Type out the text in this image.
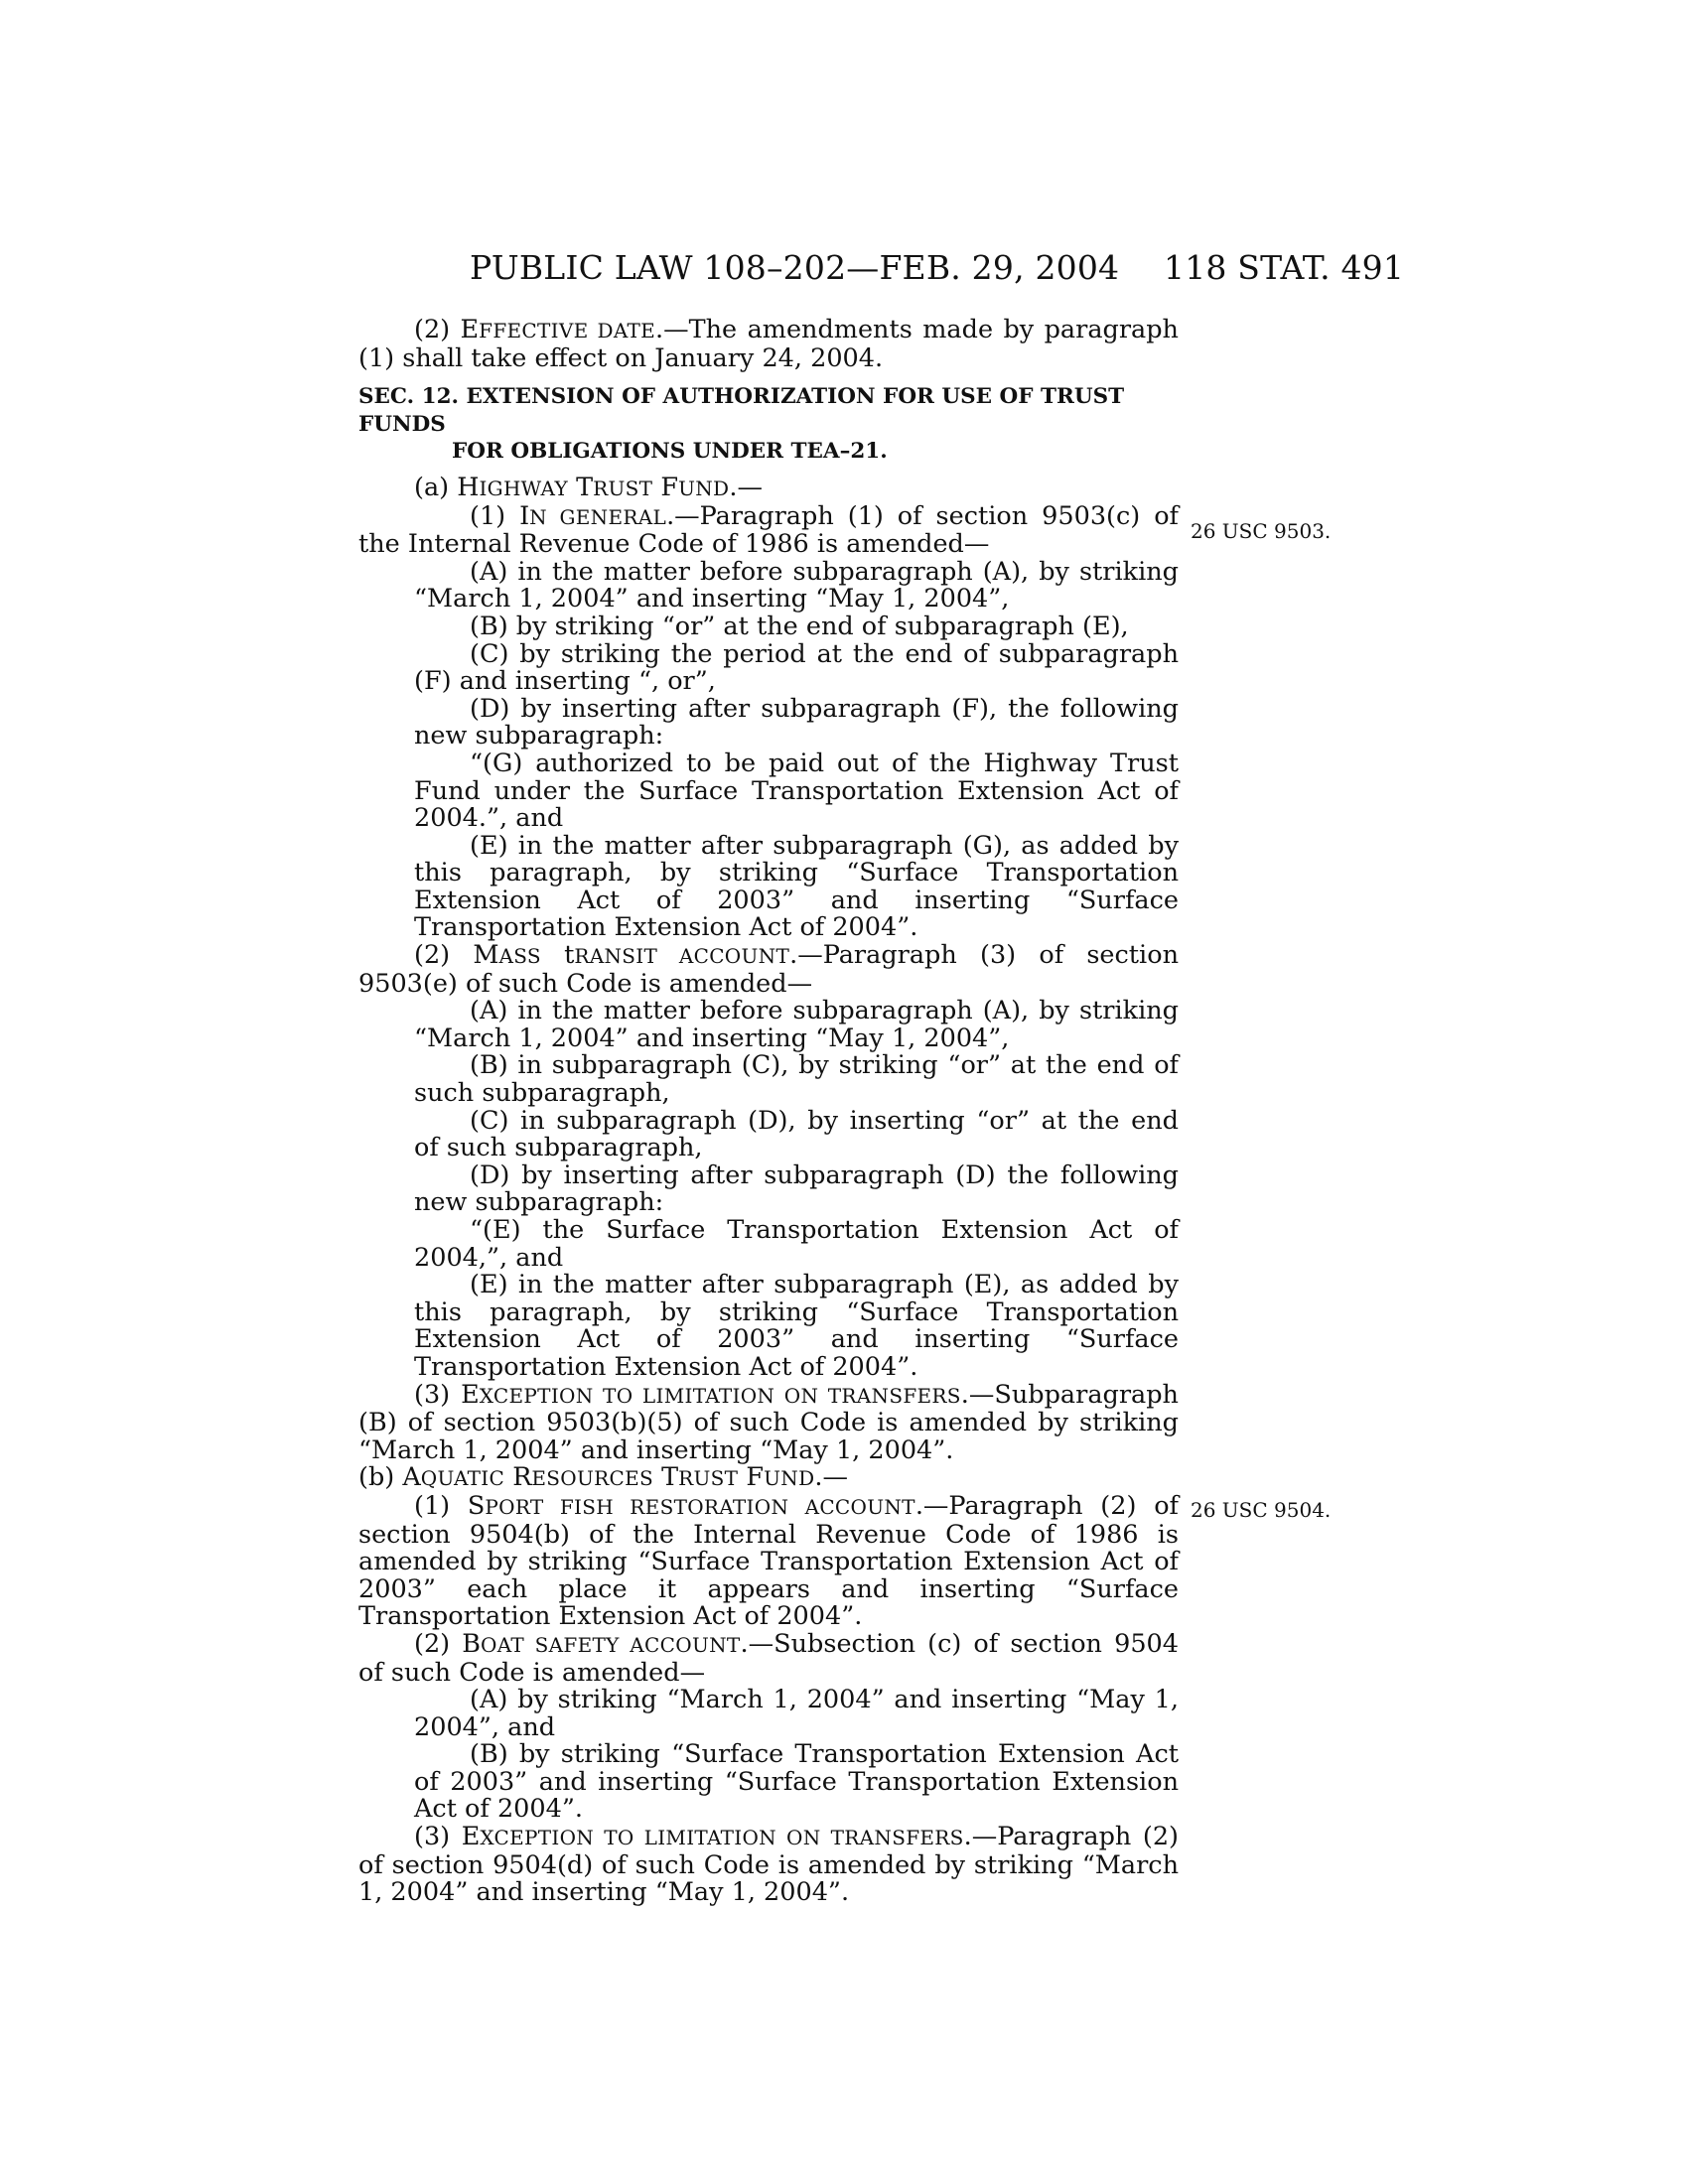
PUBLIC LAW 108–202—FEB. 29, 2004 118 STAT. 491
26 USC 9503.
26 USC 9504.

(2) EFFECTIVE DATE.—The amendments made by paragraph (1) shall take effect on January 24, 2004.

SEC. 12. EXTENSION OF AUTHORIZATION FOR USE OF TRUST FUNDS
FOR OBLIGATIONS UNDER TEA–21.

(a) HIGHWAY TRUST FUND.—

(1) IN GENERAL.—Paragraph (1) of section 9503(c) of the Internal Revenue Code of 1986 is amended—

(A) in the matter before subparagraph (A), by striking “March 1, 2004” and inserting “May 1, 2004”,

(B) by striking “or” at the end of subparagraph (E),

(C) by striking the period at the end of subparagraph (F) and inserting “, or”,

(D) by inserting after subparagraph (F), the following new subparagraph:

“(G) authorized to be paid out of the Highway Trust Fund under the Surface Transportation Extension Act of 2004.”, and

(E) in the matter after subparagraph (G), as added by this paragraph, by striking “Surface Transportation Extension Act of 2003” and inserting “Surface Transportation Extension Act of 2004”.

(2) MASS tRANSIT ACCOUNT.—Paragraph (3) of section 9503(e) of such Code is amended—

(A) in the matter before subparagraph (A), by striking “March 1, 2004” and inserting “May 1, 2004”,

(B) in subparagraph (C), by striking “or” at the end of such subparagraph,

(C) in subparagraph (D), by inserting “or” at the end of such subparagraph,

(D) by inserting after subparagraph (D) the following new subparagraph:

“(E) the Surface Transportation Extension Act of 2004,”, and

(E) in the matter after subparagraph (E), as added by this paragraph, by striking “Surface Transportation Extension Act of 2003” and inserting “Surface Transportation Extension Act of 2004”.

(3) EXCEPTION TO LIMITATION ON TRANSFERS.—Subparagraph (B) of section 9503(b)(5) of such Code is amended by striking “March 1, 2004” and inserting “May 1, 2004”.

(b) AQUATIC RESOURCES TRUST FUND.—

(1) SPORT FISH RESTORATION ACCOUNT.—Paragraph (2) of section 9504(b) of the Internal Revenue Code of 1986 is amended by striking “Surface Transportation Extension Act of 2003” each place it appears and inserting “Surface Transportation Extension Act of 2004”.

(2) BOAT SAFETY ACCOUNT.—Subsection (c) of section 9504 of such Code is amended—

(A) by striking “March 1, 2004” and inserting “May 1, 2004”, and

(B) by striking “Surface Transportation Extension Act of 2003” and inserting “Surface Transportation Extension Act of 2004”.

(3) EXCEPTION TO LIMITATION ON TRANSFERS.—Paragraph (2) of section 9504(d) of such Code is amended by striking “March 1, 2004” and inserting “May 1, 2004”.
